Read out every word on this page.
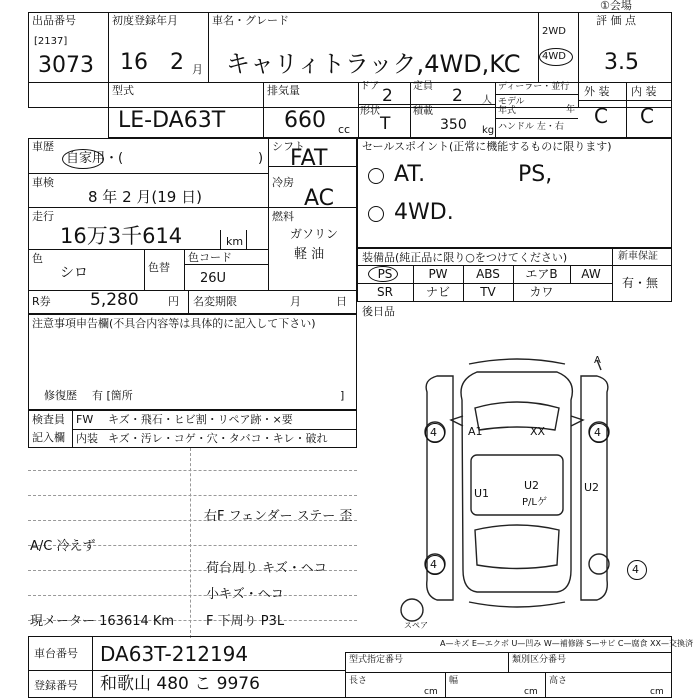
①会場
出品番号
[2137]
3073
初度登録年月
16 2 月
車名・グレード
キャリィトラック,4WD,KC
2WD
4WD
評 価 点
3.5
型式
LE-DA63T
排気量
660 cc
ドア 2 定員 2 人
形状
T
積載
350 kg
ディーラー・並行
モデル年式	年
ハンドル 左・右
外 装 内 装
C C
車歴
自家用・(	)
シフト
FAT
車検
8 年 2 月(19 日)
冷房
AC
走行
16万3千614	km
燃料
ガソリン
軽 油
色
シロ	色替
色コード
26U
R券 5,280	円 名変期限	月	日
セールスポイント(正常に機能するものに限ります)
AT.	PS,
4WD.
装備品(純正品に限り○をつけてください)	新車保証
有・無
PS	PW	ABS	エアB	AW
SR	ナビ	TV	カワ
後日品
注意事項申告欄(不具合内容等は具体的に記入して下さい)
修復歴 有 [箇所	]
検査員
記入欄
FW キズ・飛石・ヒビ割・リペア跡・×要
内装 キズ・汚レ・コゲ・穴・タバコ・キレ・破れ
右F フェンダー ステー 歪
A/C 冷えず
荷台周り キズ・ヘコ
小キズ・ヘコ
現メーター 163614 Km F 下周り P3L
4	4
4	4
A
A1	XX
U1
U2
P/Lゲ
U2
スペア
A—キズ E—エクボ U—凹み W—補修跡 S—サビ C—腐食 XX—交換済
車台番号 DA63T-212194
登録番号 和歌山 480 こ 9976
型式指定番号	類別区分番号
長さ
cm
幅
cm
高さ
cm
